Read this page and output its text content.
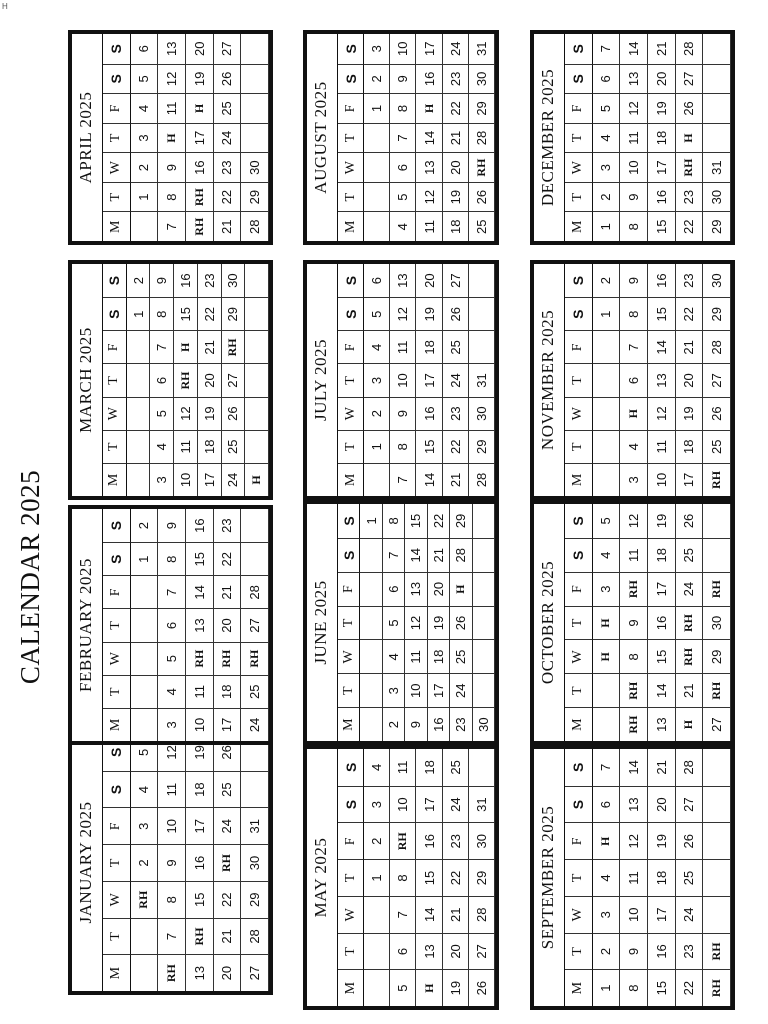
H
CALENDAR 2025
JANUARY 2025
M
T
W
T
F
S
S
RH
2
3
4
5
RH
7
8
9
10
11
12
13
RH
15
16
17
18
19
20
21
22
RH
24
25
26
27
28
29
30
31
FEBRUARY 2025
M
T
W
T
F
S
S
1
2
3
4
5
6
7
8
9
10
11
RH
13
14
15
16
17
18
RH
20
21
22
23
24
25
RH
27
28
MARCH 2025
M
T
W
T
F
S
S
1
2
3
4
5
6
7
8
9
10
11
12
RH
H
15
16
17
18
19
20
21
22
23
24
25
26
27
RH
29
30
H
APRIL 2025
M
T
W
T
F
S
S
1
2
3
4
5
6
7
8
9
H
11
12
13
RH
RH
16
17
H
19
20
21
22
23
24
25
26
27
28
29
30
MAY 2025
M
T
W
T
F
S
S
1
2
3
4
5
6
7
8
RH
10
11
H
13
14
15
16
17
18
19
20
21
22
23
24
25
26
27
28
29
30
31
JUNE 2025
M
T
W
T
F
S
S 1
2
3
4
5
6
7
8
9
10
11
12
13
14
15
16
17
18
19
20
21
22
23
24
25
26
H
28
29
30
JULY 2025
M
T
W
T
F
S
S
1
2
3
4
5
6
7
8
9
10
11
12
13
14
15
16
17
18
19
20
21
22
23
24
25
26
27
28
29
30
31
AUGUST 2025
M
T
W
T
F
S
S
1
2
3
4
5
6
7
8
9
10
11
12
13
14
H
16
17
18
19
20
21
22
23
24
25
26
RH
28
29
30
31
SEPTEMBER 2025
M
T
W
T
F
S
S
1
2
3
4
H
6
7
8
9
10
11
12
13
14
15
16
17
18
19
20
21
22
23
24
25
26
27
28
RH
RH
OCTOBER 2025
M
T
W
T
F
S
S
H
H
3
4
5
RH
RH
8
9
RH
11
12
13
14
15
16
17
18
19
H
21
RH
RH
24
25
26
27
RH
29
30
RH
NOVEMBER 2025
M
T
W
T
F
S
S
1
2
3
4
H
6
7
8
9
10
11
12
13
14
15
16
17
18
19
20
21
22
23
RH
25
26
27
28
29
30
DECEMBER 2025
M
T
W
T
F
S
S
1
2
3
4
5
6
7
8
9
10
11
12
13
14
15
16
17
18
19
20
21
22
23
RH
H
26
27
28
29
30
31
